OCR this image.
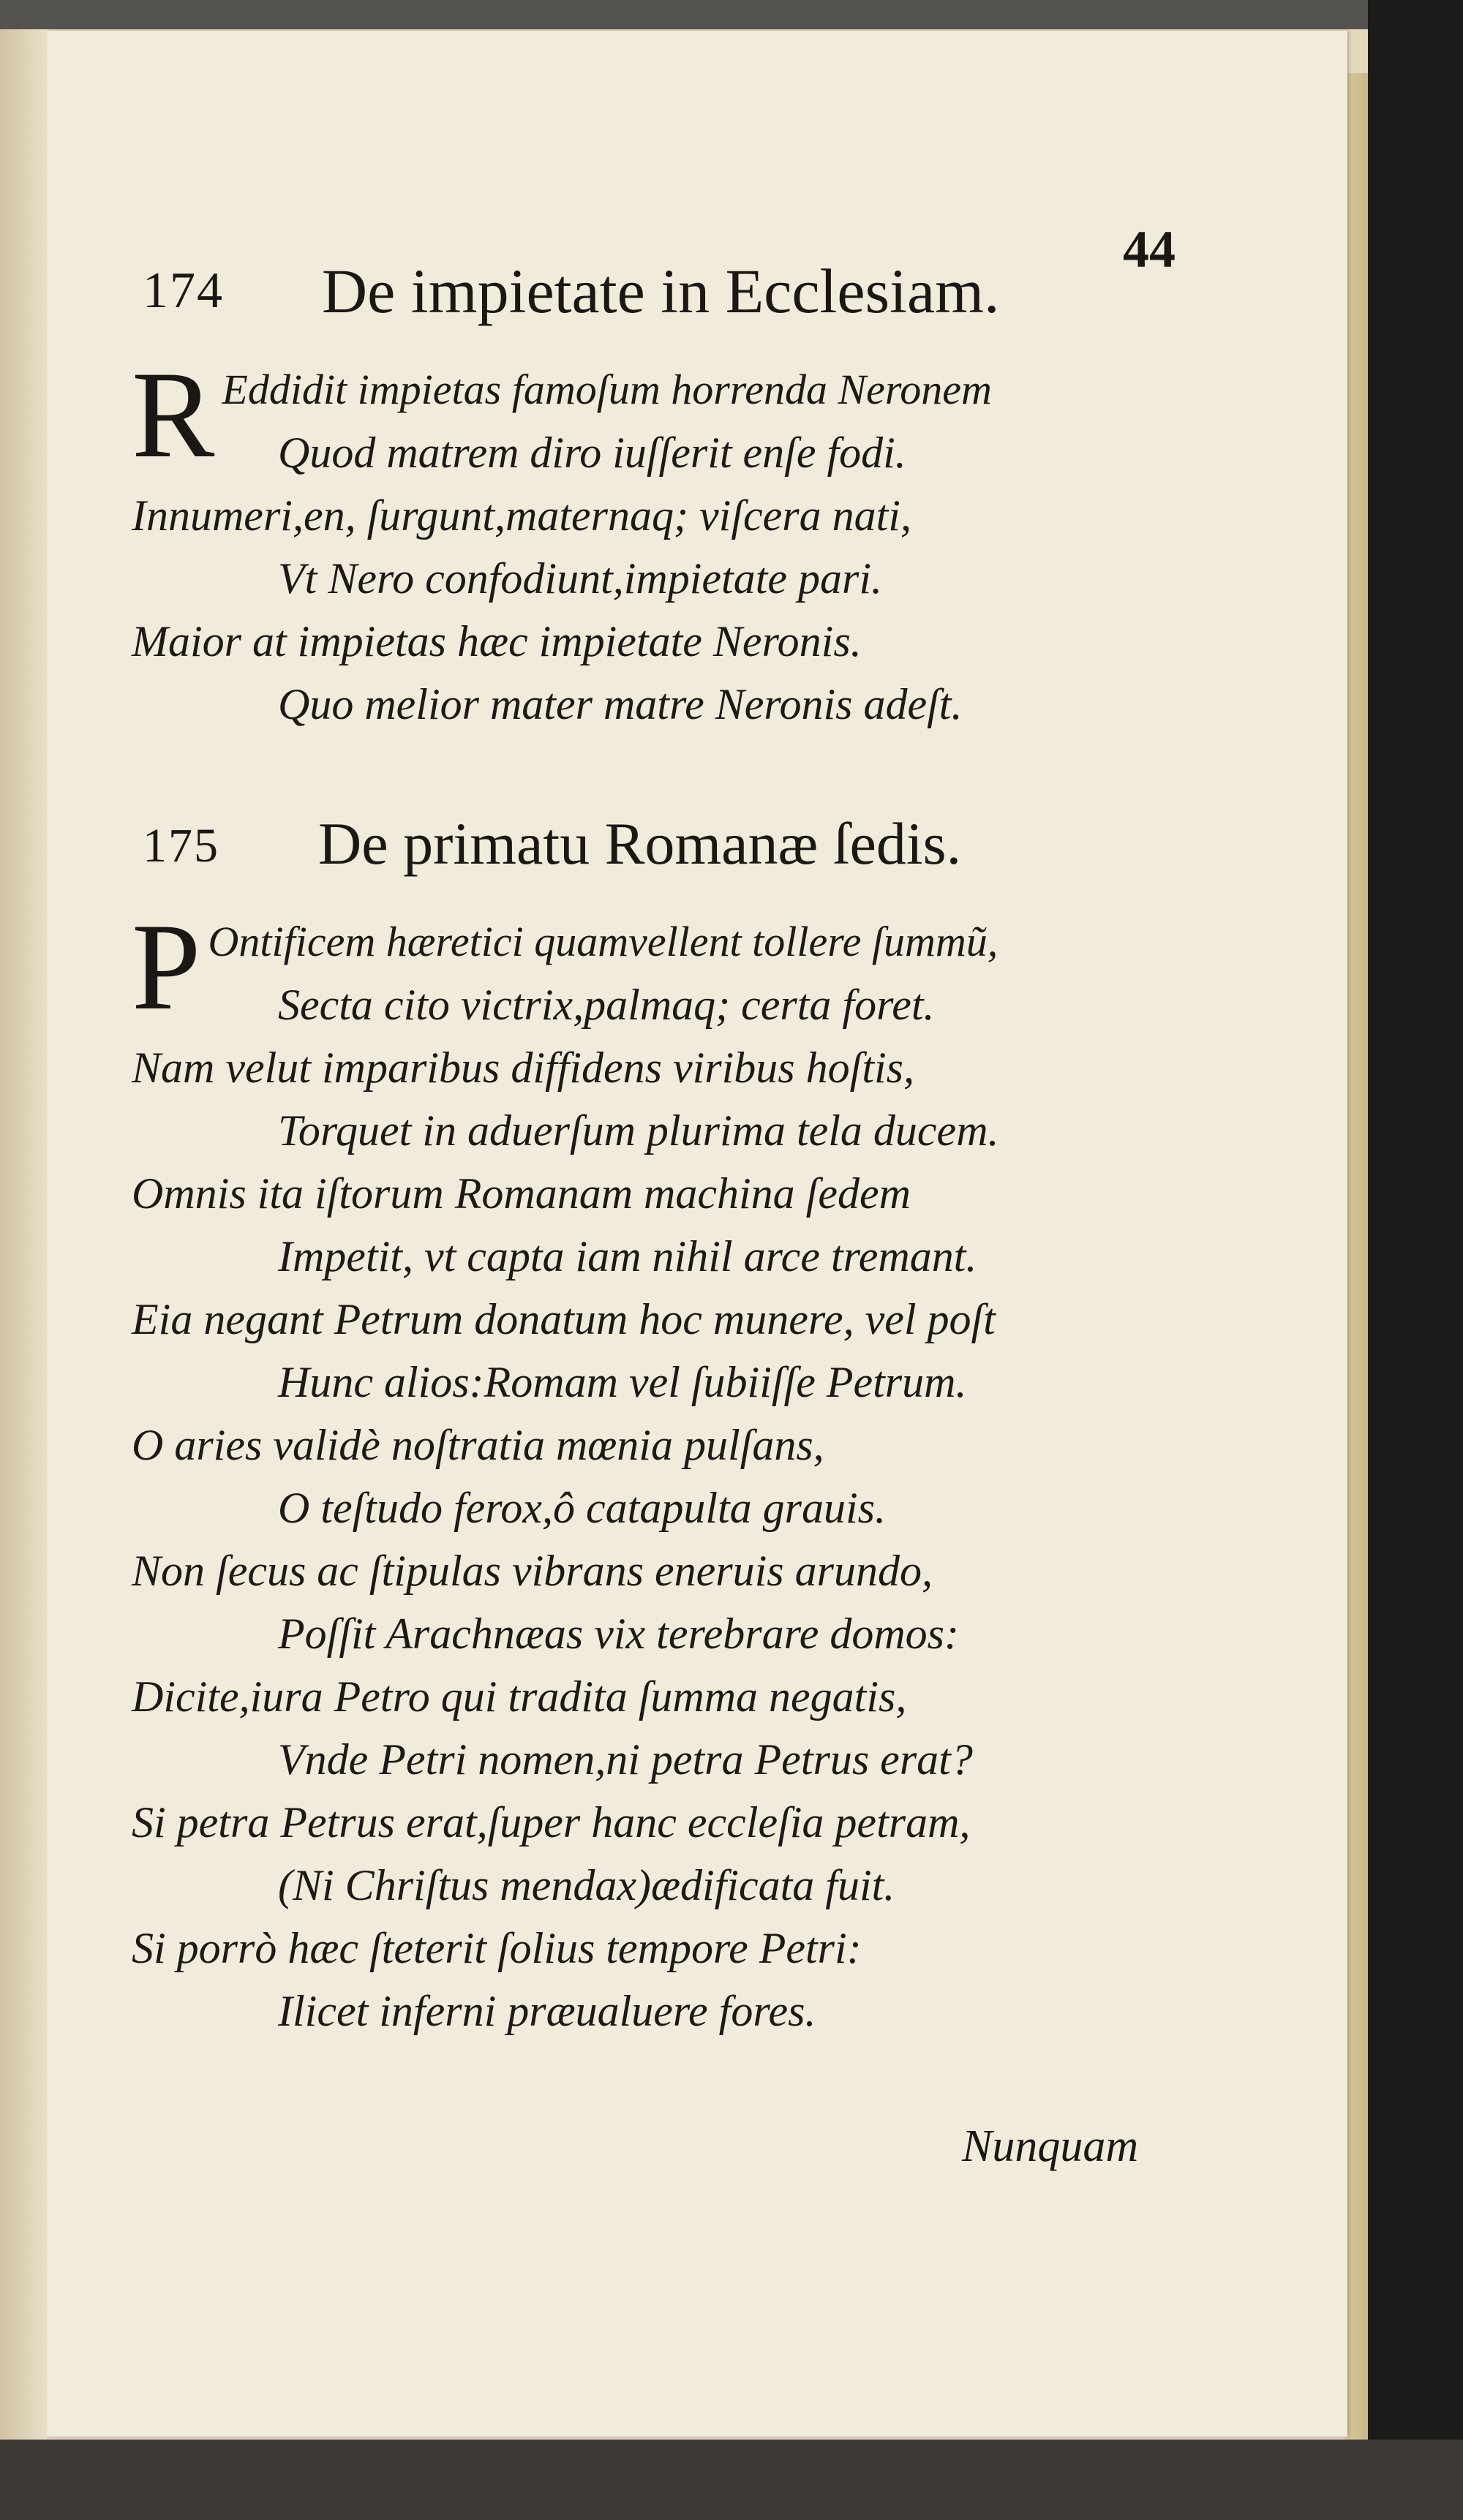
174 De impietate in Ecclesiam.
44
R Eddidit impietas famoſum horrenda Neronem
Quod matrem diro iuſſerit enſe fodi.
Innumeri,en, ſurgunt,maternaq; viſcera nati,
Vt Nero confodiunt,impietate pari.
Maior at impietas hæc impietate Neronis.
Quo melior mater matre Neronis adeſt.
175 De primatu Romanæ ſedis.
P Ontificem hæretici quamvellent tollere ſummũ,
Secta cito victrix,palmaq; certa foret.
Nam velut imparibus diffidens viribus hoſtis,
Torquet in aduerſum plurima tela ducem.
Omnis ita iſtorum Romanam machina ſedem
Impetit, vt capta iam nihil arce tremant.
Eia negant Petrum donatum hoc munere, vel poſt
Hunc alios:Romam vel ſubiiſſe Petrum.
O aries validè noſtratia mœnia pulſans,
O teſtudo ferox,ô catapulta grauis.
Non ſecus ac ſtipulas vibrans eneruis arundo,
Poſſit Arachnæas vix terebrare domos:
Dicite,iura Petro qui tradita ſumma negatis,
Vnde Petri nomen,ni petra Petrus erat?
Si petra Petrus erat,ſuper hanc eccleſia petram,
(Ni Chriſtus mendax)ædificata fuit.
Si porrò hæc ſteterit ſolius tempore Petri:
Ilicet inferni præualuere fores.
Nunquam
